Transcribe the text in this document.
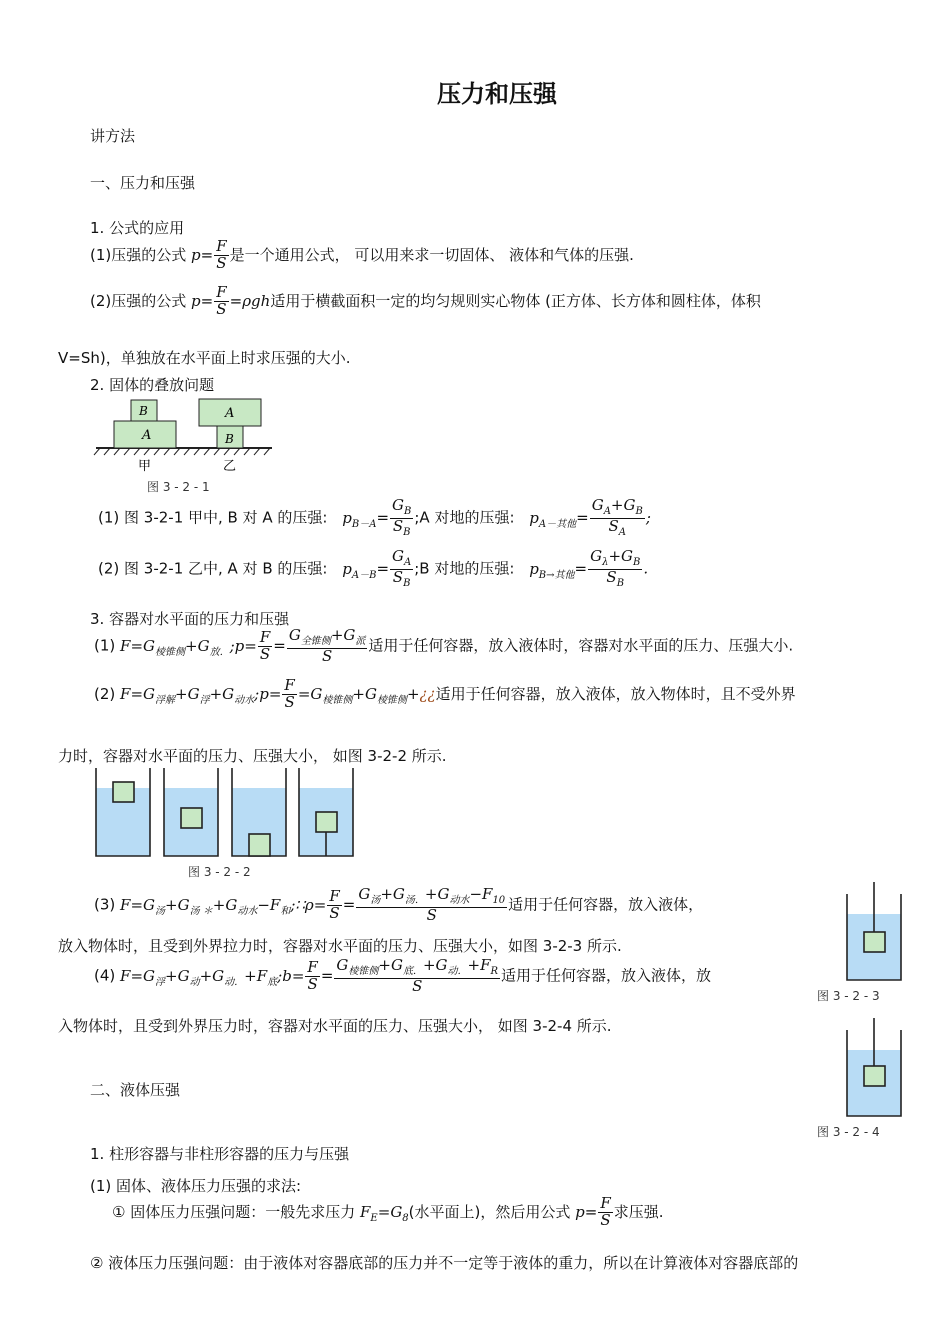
压力和压强
讲方法
一、压力和压强
1. 公式的应用
(1)压强的公式 $p= \frac{F}{S}$ 是一个通用公式， 可以用来求一切固体、 液体和气体的压强.
(2)压强的公式 $p= \frac{F}{S} =\rho gh$适用于横截面积一定的均匀规则实心物体 (正方体、长方体和圆柱体，体积
V=Sh)，单独放在水平面上时求压强的大小.
2. 固体的叠放问题
A
B	A
B
甲	乙
图 3 - 2 - 1
(1) 图 3-2-1 甲中, B 对 A 的压强: $p_{B-A}= \frac{G_B}{S_B}$ ;A 对地的压强: $p_{A-其他}= \frac{G_A+G_B}{S_A}$ ;
(2) 图 3-2-1 乙中, A 对 B 的压强: $p_{A-B}= \frac{G_A}{S_B}$ ;B 对地的压强: $p_{B\to 其他}= \frac{G_\lambda+G_B}{S_B}$ .
3. 容器对水平面的压力和压强
(1) $F=G_{棱锥侧}+G_{放.};p= \frac{F}{S} = \frac{G_{全锥侧}+G_派}{S}$ 适用于任何容器，放入液体时，容器对水平面的压力、压强大小.
(2) $F=G_{浮解}+G_浮+G_{动水};p= \frac{F}{S}$ $=G_{棱锥侧}+G_{棱锥侧}+¿¿$适用于任何容器，放入液体，放入物体时，且不受外界
力时，容器对水平面的压力、压强大小， 如图 3-2-2 所示.
图 3 - 2 - 2
(3) $F=G_汤+G_{汤 *}+G_{动水}-F_和;∷\rho= \frac{F}{S} = \frac{G_汤+G_{汤.}+G_{动水}-F_{10}}{S}$ 适用于任何容器，放入液体，
放入物体时，且受到外界拉力时，容器对水平面的压力、压强大小，如图 3-2-3 所示.
(4) $F=G_浮+G_动+G_{动.}+F_底;b= \frac{F}{S} = \frac{G_{棱锥侧}+G_{底.}+G_{动.}+F_R}{S}$ 适用于任何容器，放入液体，放
入物体时，且受到外界压力时，容器对水平面的压力、压强大小， 如图 3-2-4 所示.
图 3 - 2 - 3
图 3 - 2 - 4
二、液体压强
1. 柱形容器与非柱形容器的压力与压强
(1) 固体、液体压力压强的求法:
① 固体压力压强问题：一般先求压力 $F_E=G_8$(水平面上)，然后用公式 $p= \frac{F}{S}$ 求压强.
② 液体压力压强问题：由于液体对容器底部的压力并不一定等于液体的重力，所以在计算液体对容器底部的
